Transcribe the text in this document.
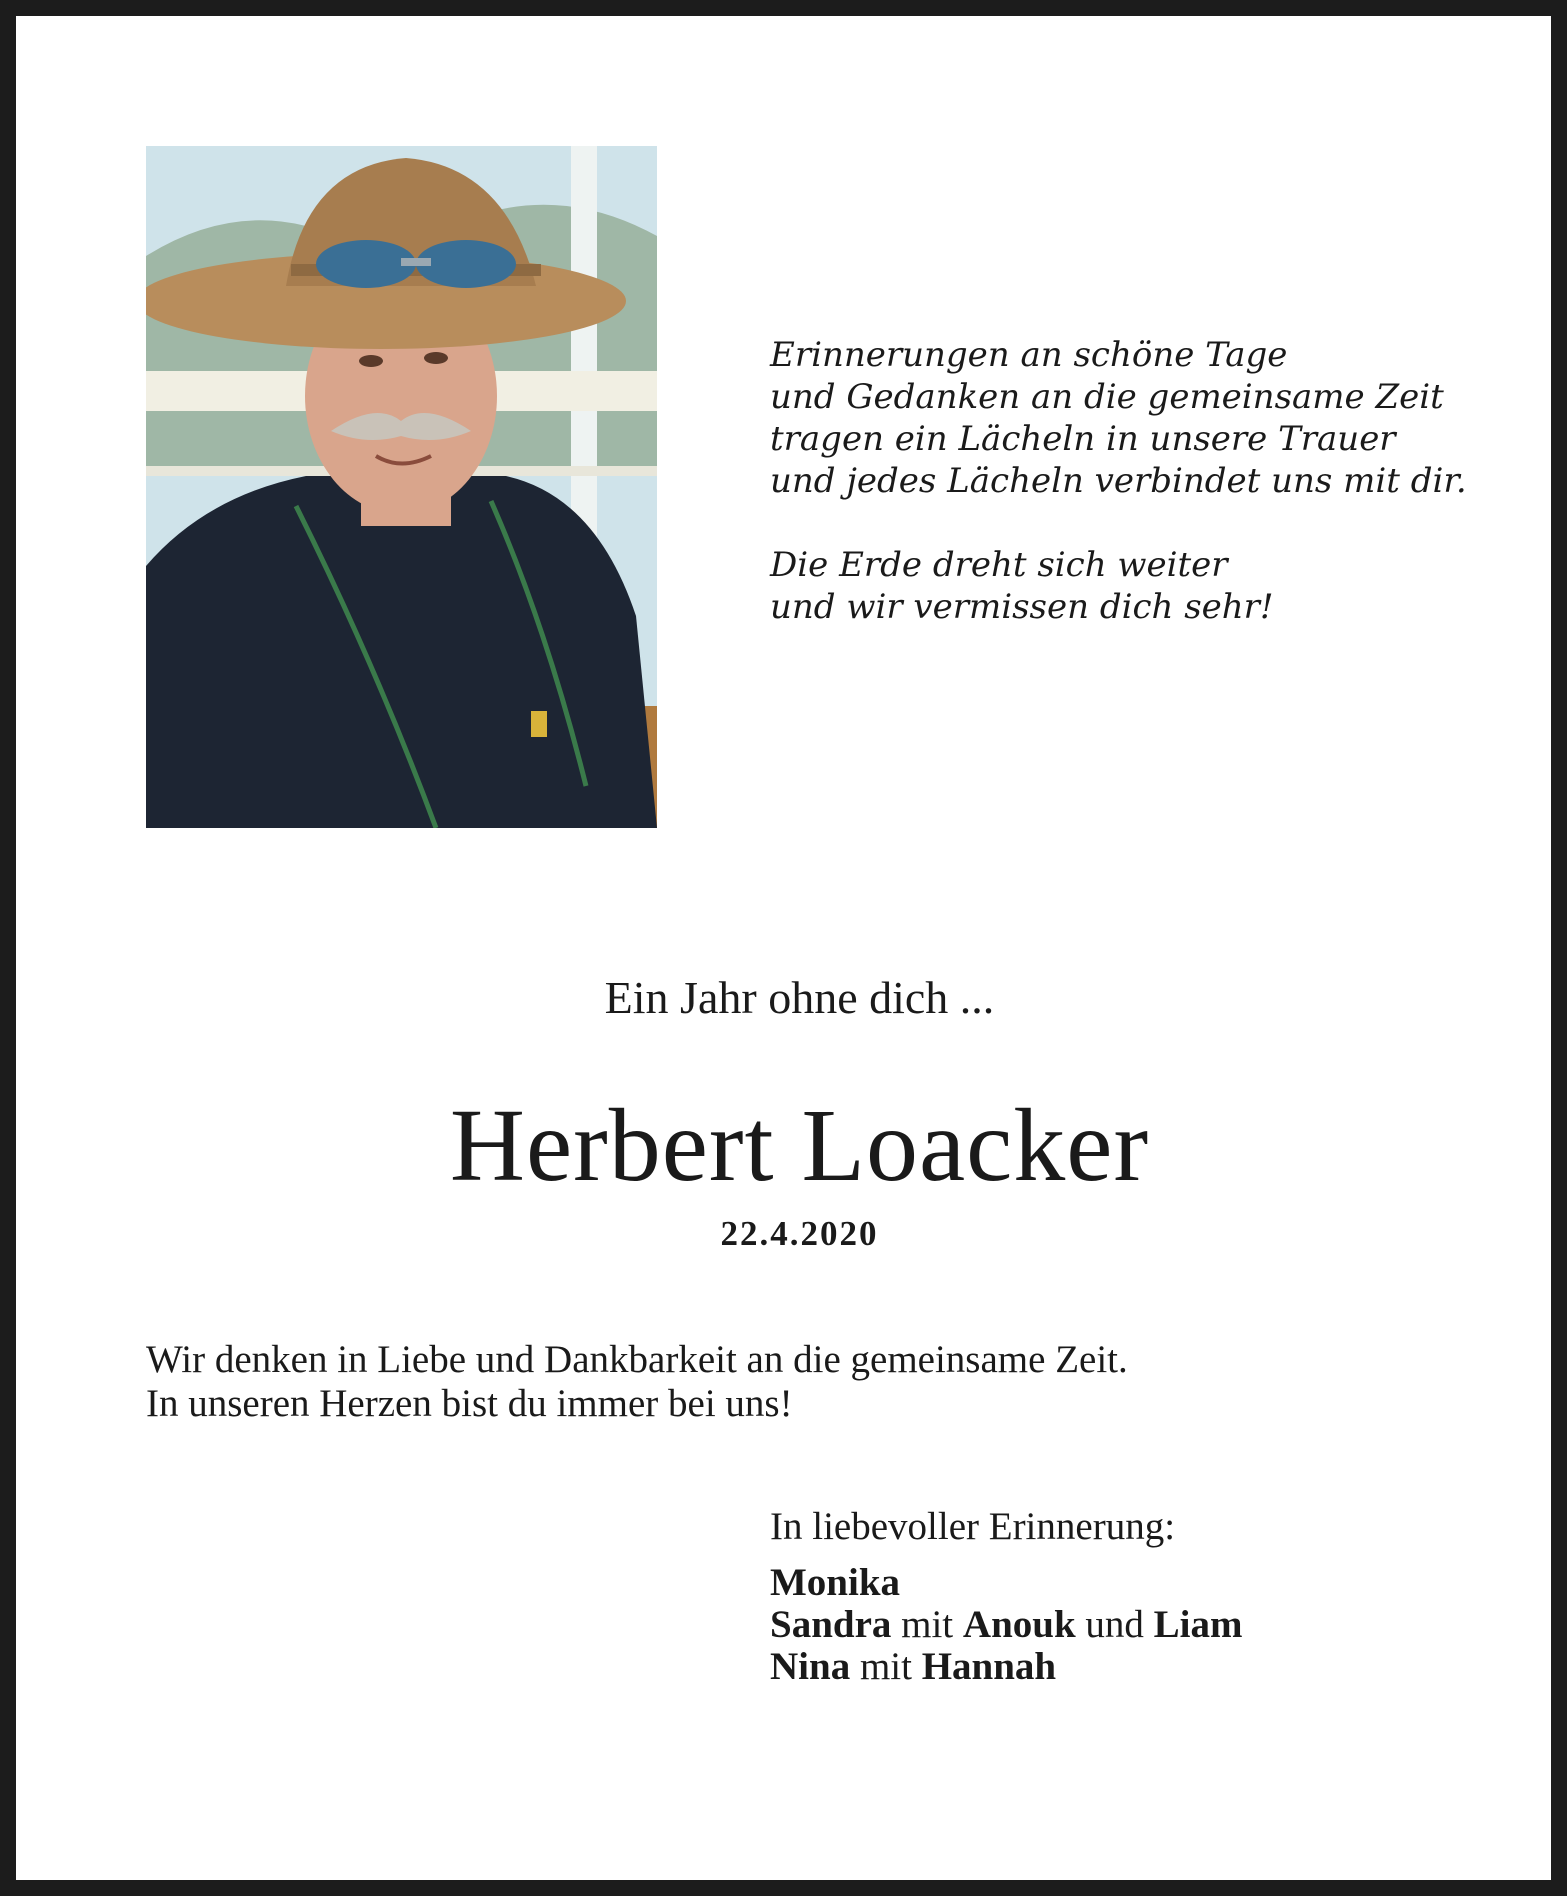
Erinnerungen an schöne Tage
und Gedanken an die gemeinsame Zeit
tragen ein Lächeln in unsere Trauer
und jedes Lächeln verbindet uns mit dir.
Die Erde dreht sich weiter
und wir vermissen dich sehr!
Ein Jahr ohne dich ...
Herbert Loacker
22.4.2020
Wir denken in Liebe und Dankbarkeit an die gemeinsame Zeit.
In unseren Herzen bist du immer bei uns!
In liebevoller Erinnerung:
Monika
Sandra mit Anouk und Liam
Nina mit Hannah
